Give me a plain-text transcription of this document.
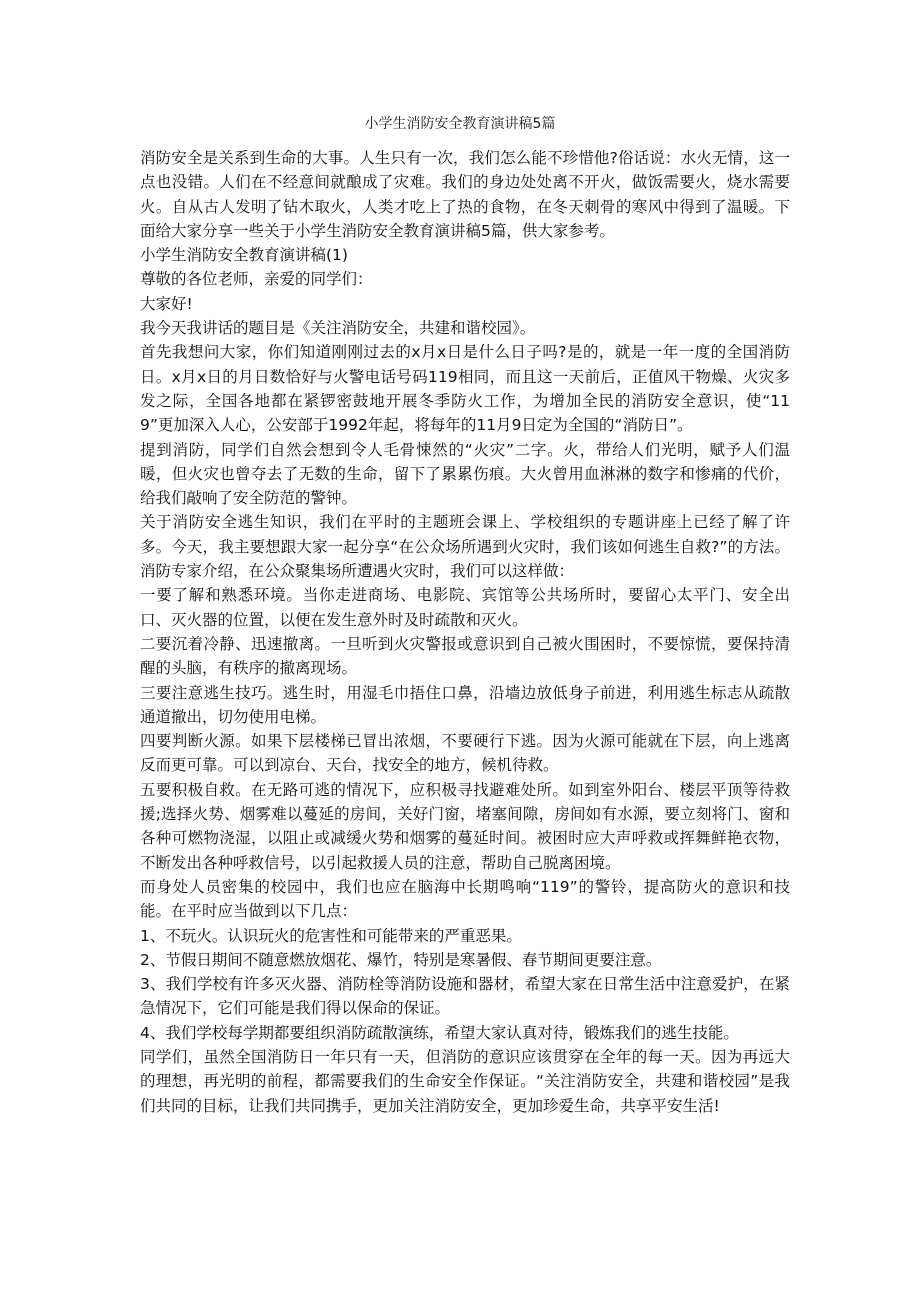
小学生消防安全教育演讲稿5篇

消防安全是关系到生命的大事。人生只有一次，我们怎么能不珍惜他?俗话说：水火无情，这一点也没错。人们在不经意间就酿成了灾难。我们的身边处处离不开火，做饭需要火，烧水需要火。自从古人发明了钻木取火，人类才吃上了热的食物，在冬天刺骨的寒风中得到了温暖。下面给大家分享一些关于小学生消防安全教育演讲稿5篇，供大家参考。

小学生消防安全教育演讲稿(1)

尊敬的各位老师，亲爱的同学们：

大家好!

我今天我讲话的题目是《关注消防安全，共建和谐校园》。

首先我想问大家，你们知道刚刚过去的x月x日是什么日子吗?是的，就是一年一度的全国消防日。x月x日的月日数恰好与火警电话号码119相同，而且这一天前后，正值风干物燥、火灾多发之际，全国各地都在紧锣密鼓地开展冬季防火工作，为增加全民的消防安全意识，使“119”更加深入人心，公安部于1992年起，将每年的11月9日定为全国的“消防日”。

提到消防，同学们自然会想到令人毛骨悚然的“火灾”二字。火，带给人们光明，赋予人们温暖，但火灾也曾夺去了无数的生命，留下了累累伤痕。大火曾用血淋淋的数字和惨痛的代价，给我们敲响了安全防范的警钟。

关于消防安全逃生知识，我们在平时的主题班会课上、学校组织的专题讲座上已经了解了许多。今天，我主要想跟大家一起分享“在公众场所遇到火灾时，我们该如何逃生自救?”的方法。消防专家介绍，在公众聚集场所遭遇火灾时，我们可以这样做：

一要了解和熟悉环境。当你走进商场、电影院、宾馆等公共场所时，要留心太平门、安全出口、灭火器的位置，以便在发生意外时及时疏散和灭火。

二要沉着冷静、迅速撤离。一旦听到火灾警报或意识到自己被火围困时，不要惊慌，要保持清醒的头脑，有秩序的撤离现场。

三要注意逃生技巧。逃生时，用湿毛巾捂住口鼻，沿墙边放低身子前进，利用逃生标志从疏散通道撤出，切勿使用电梯。

四要判断火源。如果下层楼梯已冒出浓烟，不要硬行下逃。因为火源可能就在下层，向上逃离反而更可靠。可以到凉台、天台，找安全的地方，候机待救。

五要积极自救。在无路可逃的情况下，应积极寻找避难处所。如到室外阳台、楼层平顶等待救援;选择火势、烟雾难以蔓延的房间，关好门窗，堵塞间隙，房间如有水源，要立刻将门、窗和各种可燃物浇湿，以阻止或减缓火势和烟雾的蔓延时间。被困时应大声呼救或挥舞鲜艳衣物，不断发出各种呼救信号，以引起救援人员的注意，帮助自己脱离困境。

而身处人员密集的校园中，我们也应在脑海中长期鸣响“119”的警铃，提高防火的意识和技能。在平时应当做到以下几点：

1、不玩火。认识玩火的危害性和可能带来的严重恶果。

2、节假日期间不随意燃放烟花、爆竹，特别是寒暑假、春节期间更要注意。

3、我们学校有许多灭火器、消防栓等消防设施和器材，希望大家在日常生活中注意爱护，在紧急情况下，它们可能是我们得以保命的保证。

4、我们学校每学期都要组织消防疏散演练，希望大家认真对待，锻炼我们的逃生技能。

同学们，虽然全国消防日一年只有一天，但消防的意识应该贯穿在全年的每一天。因为再远大的理想，再光明的前程，都需要我们的生命安全作保证。“关注消防安全，共建和谐校园”是我们共同的目标，让我们共同携手，更加关注消防安全，更加珍爱生命，共享平安生活!
